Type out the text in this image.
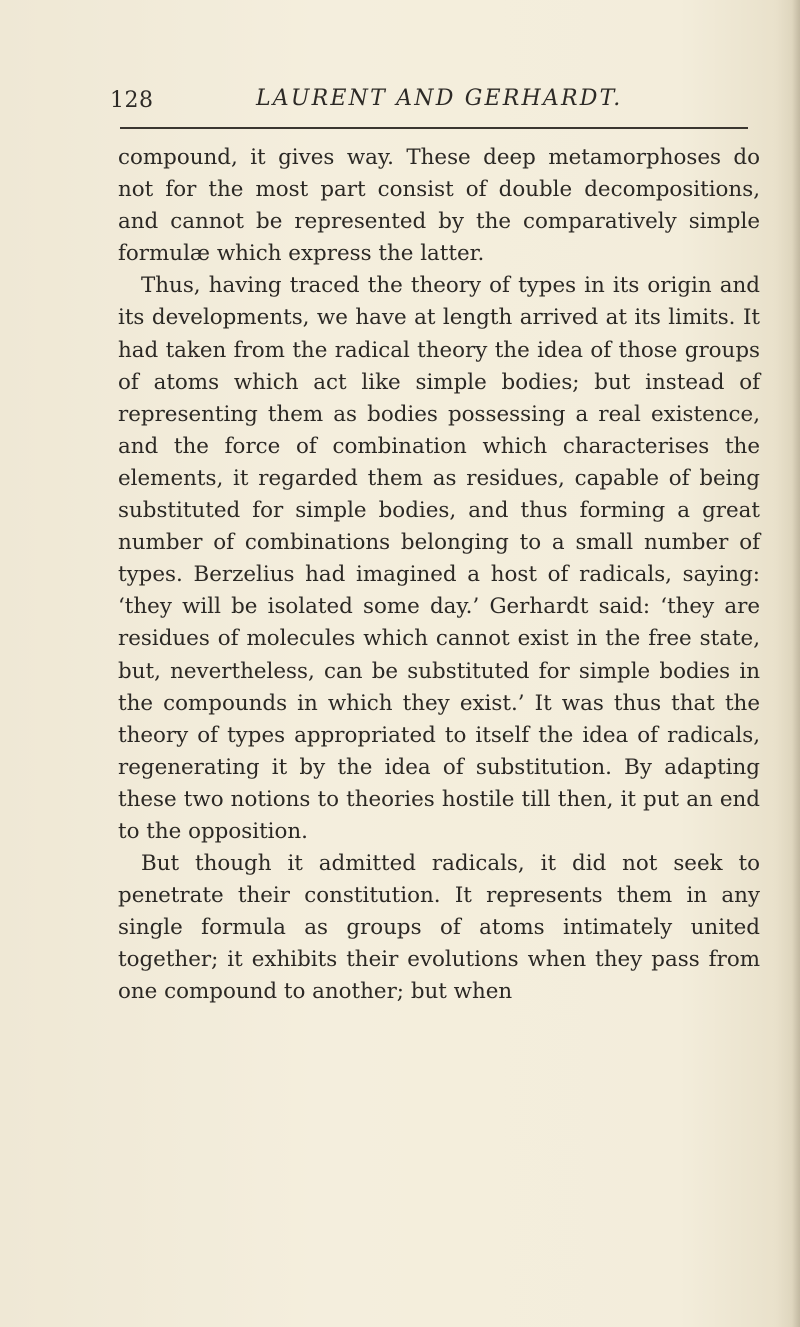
128	LAURENT AND GERHARDT.

compound, it gives way. These deep metamorphoses do not for the most part consist of double decompositions, and cannot be represented by the comparatively simple formulæ which express the latter.

Thus, having traced the theory of types in its origin and its developments, we have at length arrived at its limits. It had taken from the radical theory the idea of those groups of atoms which act like simple bodies; but instead of representing them as bodies possessing a real existence, and the force of combination which characterises the elements, it regarded them as residues, capable of being substituted for simple bodies, and thus forming a great number of combinations belonging to a small number of types. Berzelius had imagined a host of radicals, saying: ‘they will be isolated some day.’ Gerhardt said: ‘they are residues of molecules which cannot exist in the free state, but, nevertheless, can be substituted for simple bodies in the compounds in which they exist.’ It was thus that the theory of types appropriated to itself the idea of radicals, regenerating it by the idea of substitution. By adapting these two notions to theories hostile till then, it put an end to the opposition.

But though it admitted radicals, it did not seek to penetrate their constitution. It represents them in any single formula as groups of atoms intimately united together; it exhibits their evolutions when they pass from one compound to another; but when
